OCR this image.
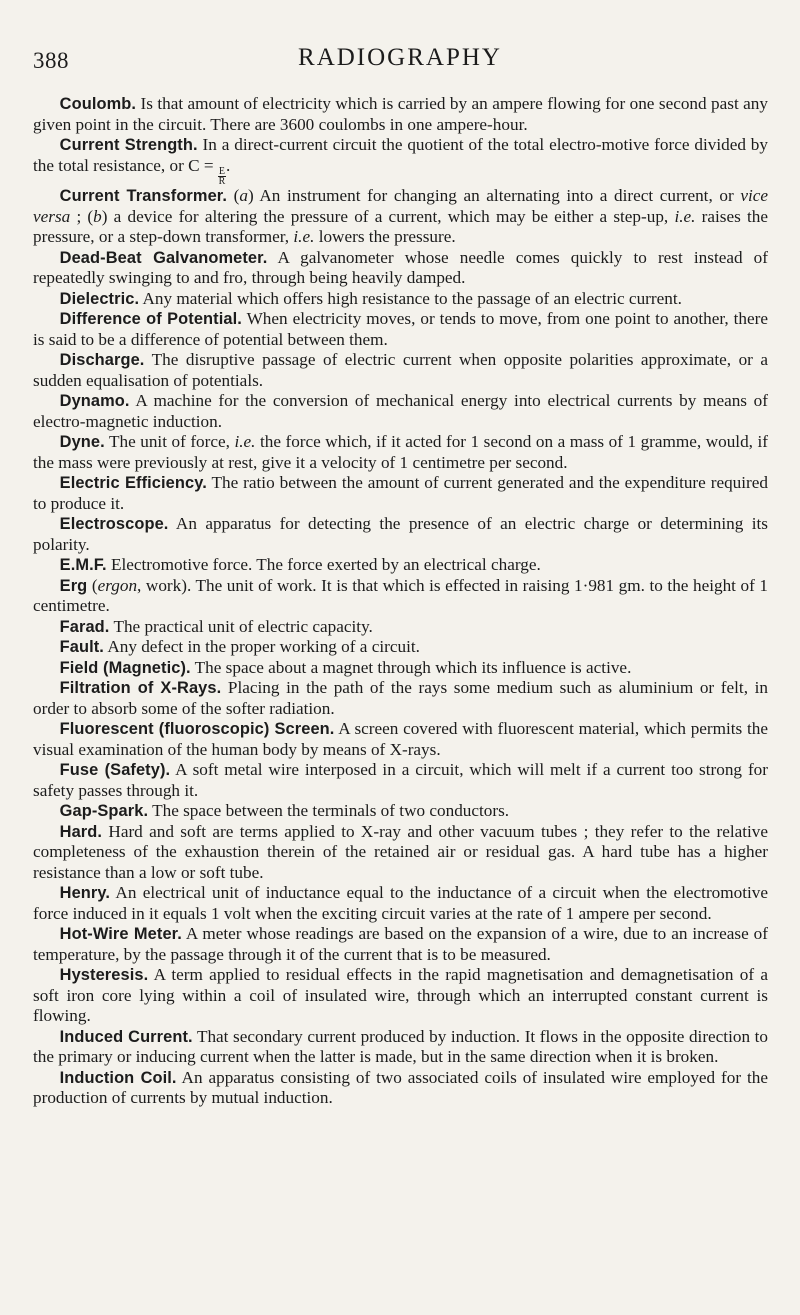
388	RADIOGRAPHY

Coulomb. Is that amount of electricity which is carried by an ampere flowing for one second past any given point in the circuit. There are 3600 coulombs in one ampere-hour.

Current Strength. In a direct-current circuit the quotient of the total electro-motive force divided by the total resistance, or C =
$\frac{E}{R}$
.

Current Transformer. (a) An instrument for changing an alternating into a direct current, or vice versa ; (b) a device for altering the pressure of a current, which may be either a step-up, i.e. raises the pressure, or a step-down transformer, i.e. lowers the pressure.

Dead-Beat Galvanometer. A galvanometer whose needle comes quickly to rest instead of repeatedly swinging to and fro, through being heavily damped.

Dielectric. Any material which offers high resistance to the passage of an electric current.

Difference of Potential. When electricity moves, or tends to move, from one point to another, there is said to be a difference of potential between them.

Discharge. The disruptive passage of electric current when opposite polarities approximate, or a sudden equalisation of potentials.

Dynamo. A machine for the conversion of mechanical energy into electrical currents by means of electro-magnetic induction.

Dyne. The unit of force, i.e. the force which, if it acted for 1 second on a mass of 1 gramme, would, if the mass were previously at rest, give it a velocity of 1 centimetre per second.

Electric Efficiency. The ratio between the amount of current generated and the expenditure required to produce it.

Electroscope. An apparatus for detecting the presence of an electric charge or determining its polarity.

E.M.F. Electromotive force. The force exerted by an electrical charge.

Erg (ergon, work). The unit of work. It is that which is effected in raising 1·981 gm. to the height of 1 centimetre.

Farad. The practical unit of electric capacity.

Fault. Any defect in the proper working of a circuit.

Field (Magnetic). The space about a magnet through which its influence is active.

Filtration of X-Rays. Placing in the path of the rays some medium such as aluminium or felt, in order to absorb some of the softer radiation.

Fluorescent (fluoroscopic) Screen. A screen covered with fluorescent material, which permits the visual examination of the human body by means of X-rays.

Fuse (Safety). A soft metal wire interposed in a circuit, which will melt if a current too strong for safety passes through it.

Gap-Spark. The space between the terminals of two conductors.

Hard. Hard and soft are terms applied to X-ray and other vacuum tubes ; they refer to the relative completeness of the exhaustion therein of the retained air or residual gas. A hard tube has a higher resistance than a low or soft tube.

Henry. An electrical unit of inductance equal to the inductance of a circuit when the electromotive force induced in it equals 1 volt when the exciting circuit varies at the rate of 1 ampere per second.

Hot-Wire Meter. A meter whose readings are based on the expansion of a wire, due to an increase of temperature, by the passage through it of the current that is to be measured.

Hysteresis. A term applied to residual effects in the rapid magnetisation and demagnetisation of a soft iron core lying within a coil of insulated wire, through which an interrupted constant current is flowing.

Induced Current. That secondary current produced by induction. It flows in the opposite direction to the primary or inducing current when the latter is made, but in the same direction when it is broken.

Induction Coil. An apparatus consisting of two associated coils of insulated wire employed for the production of currents by mutual induction.
